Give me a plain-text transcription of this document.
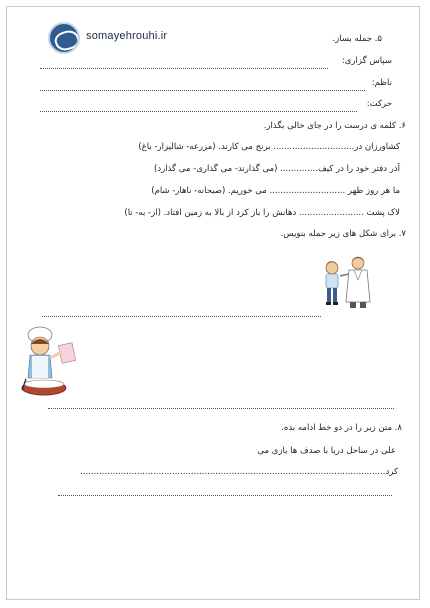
somayehrouhi.ir	۵. جمله بساز.
سپاس گزاری:
ناظم:
حرکت:
۶. کلمه ی درست را در جای خالی بگذار.
کشاورزان در.............................. برنج می کارند. (مزرعه- شالیزار- باغ)
آذر دفتر خود را در کیف.............. (می گذارند- می گذاری- می گذارد)
ما هر روز ظهر ............................ می خوریم. (صبحانه- ناهار- شام)
لاک پشت ........................ دهانش را باز کرد از بالا به زمین افتاد. (از- به- تا)
۷. برای شکل های زیر جمله بنویس.
۸. متن زیر را در دو خط ادامه بده.
علی در ساحل دریا با صدف ها بازی می
کرد.................................................................................................................
